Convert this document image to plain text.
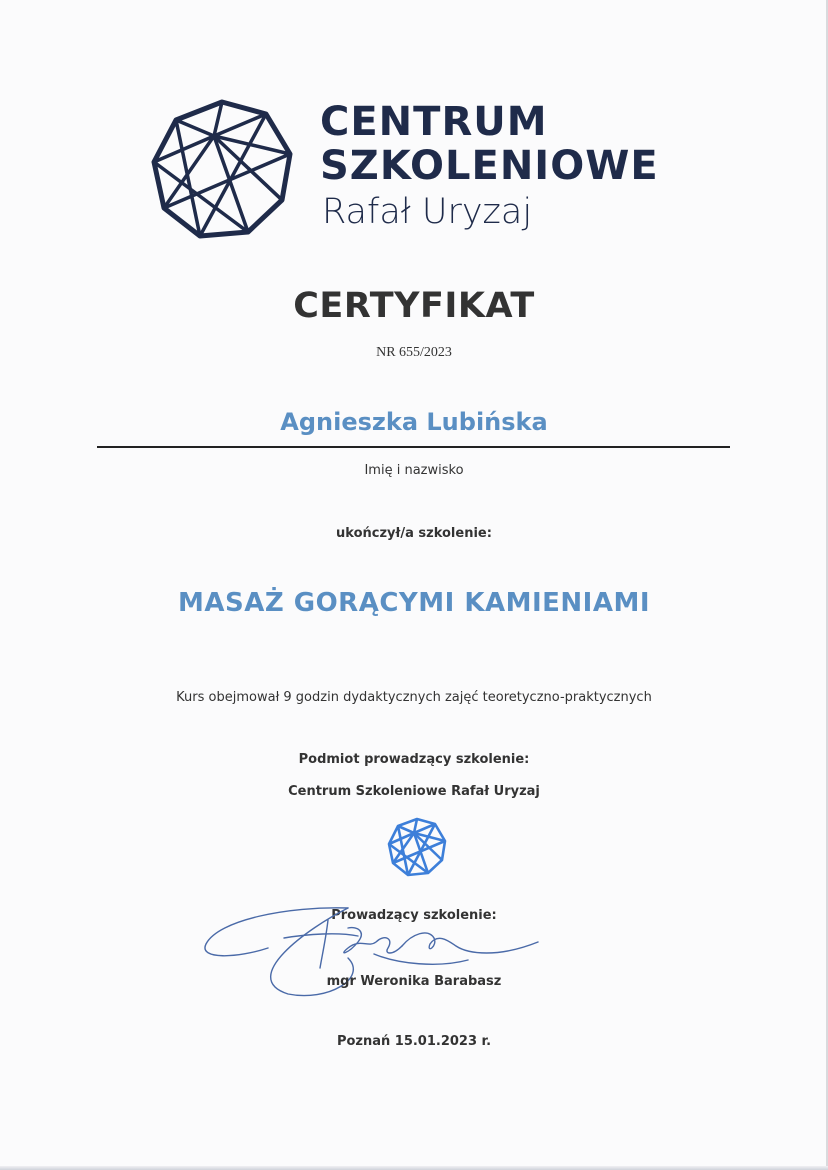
CENTRUM
SZKOLENIOWE
Rafał Uryzaj
CERTYFIKAT
NR 655/2023
Agnieszka Lubińska
Imię i nazwisko
ukończył/a szkolenie:
MASAŻ GORĄCYMI KAMIENIAMI
Kurs obejmował 9 godzin dydaktycznych zajęć teoretyczno-praktycznych
Podmiot prowadzący szkolenie:
Centrum Szkoleniowe Rafał Uryzaj
Prowadzący szkolenie:
mgr Weronika Barabasz
Poznań 15.01.2023 r.
